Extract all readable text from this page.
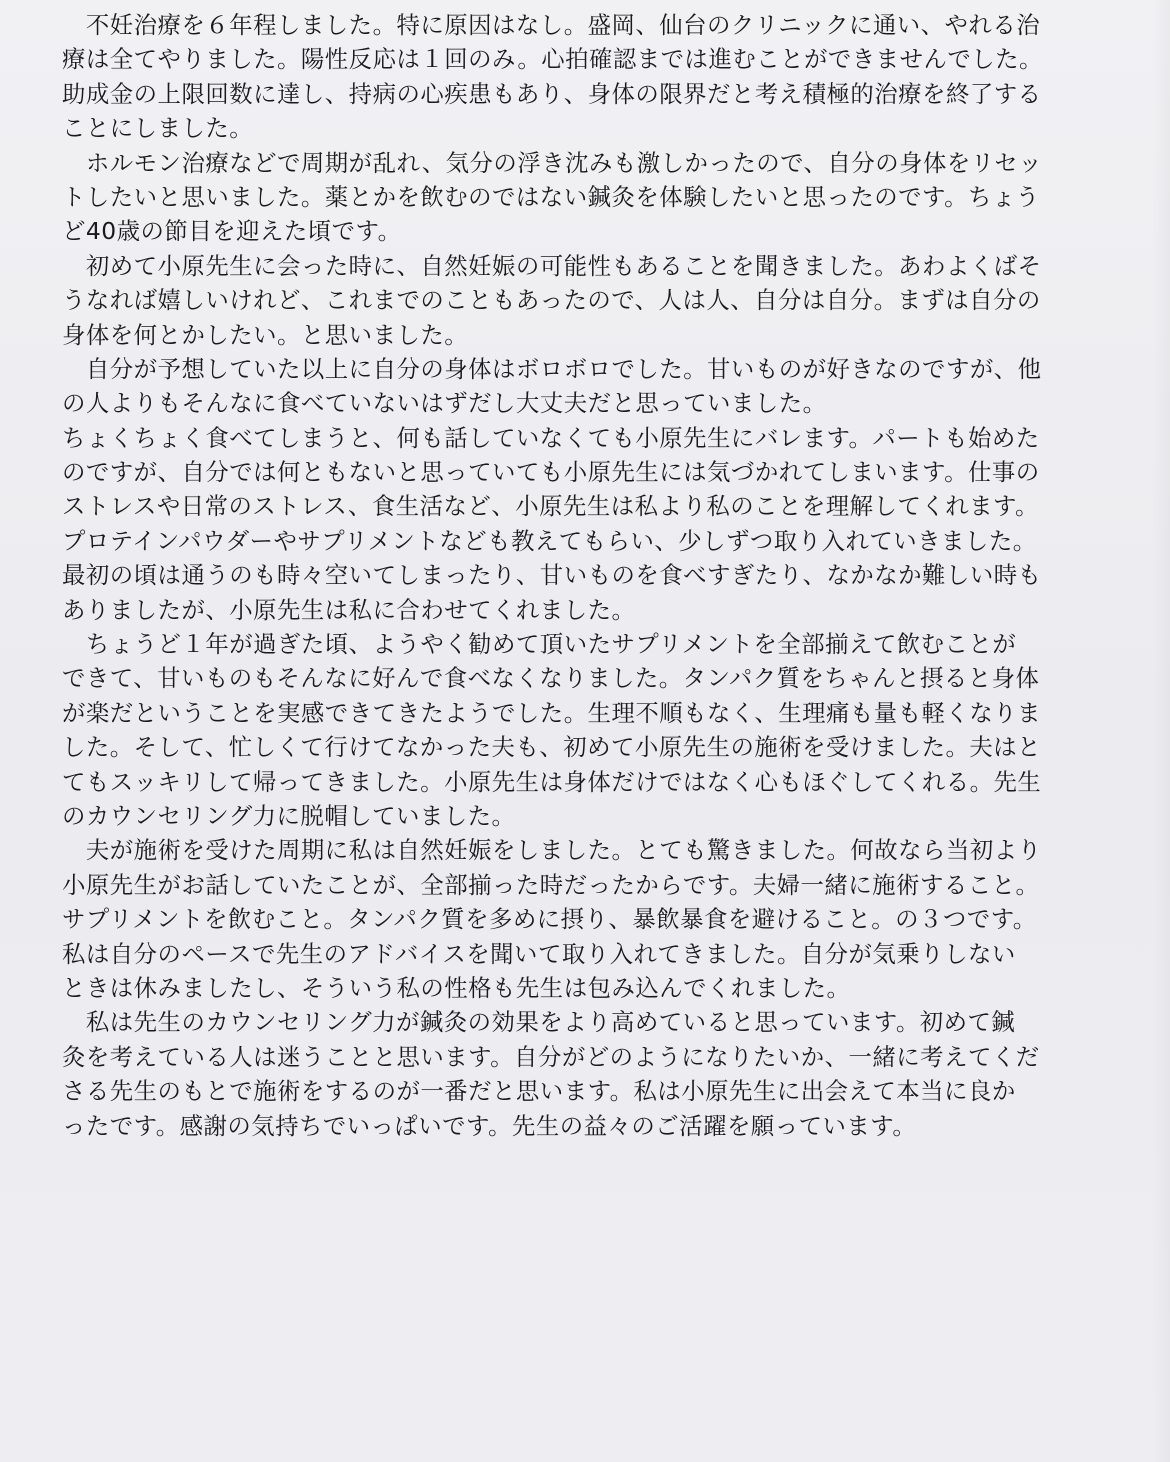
　不妊治療を６年程しました。特に原因はなし。盛岡、仙台のクリニックに通い、やれる治
療は全てやりました。陽性反応は１回のみ。心拍確認までは進むことができませんでした。
助成金の上限回数に達し、持病の心疾患もあり、身体の限界だと考え積極的治療を終了する
ことにしました。
　ホルモン治療などで周期が乱れ、気分の浮き沈みも激しかったので、自分の身体をリセッ
トしたいと思いました。薬とかを飲むのではない鍼灸を体験したいと思ったのです。ちょう
ど40歳の節目を迎えた頃です。
　初めて小原先生に会った時に、自然妊娠の可能性もあることを聞きました。あわよくばそ
うなれば嬉しいけれど、これまでのこともあったので、人は人、自分は自分。まずは自分の
身体を何とかしたい。と思いました。
　自分が予想していた以上に自分の身体はボロボロでした。甘いものが好きなのですが、他
の人よりもそんなに食べていないはずだし大丈夫だと思っていました。
ちょくちょく食べてしまうと、何も話していなくても小原先生にバレます。パートも始めた
のですが、自分では何ともないと思っていても小原先生には気づかれてしまいます。仕事の
ストレスや日常のストレス、食生活など、小原先生は私より私のことを理解してくれます。
プロテインパウダーやサプリメントなども教えてもらい、少しずつ取り入れていきました。
最初の頃は通うのも時々空いてしまったり、甘いものを食べすぎたり、なかなか難しい時も
ありましたが、小原先生は私に合わせてくれました。
　ちょうど１年が過ぎた頃、ようやく勧めて頂いたサプリメントを全部揃えて飲むことが
できて、甘いものもそんなに好んで食べなくなりました。タンパク質をちゃんと摂ると身体
が楽だということを実感できてきたようでした。生理不順もなく、生理痛も量も軽くなりま
した。そして、忙しくて行けてなかった夫も、初めて小原先生の施術を受けました。夫はと
てもスッキリして帰ってきました。小原先生は身体だけではなく心もほぐしてくれる。先生
のカウンセリング力に脱帽していました。
　夫が施術を受けた周期に私は自然妊娠をしました。とても驚きました。何故なら当初より
小原先生がお話していたことが、全部揃った時だったからです。夫婦一緒に施術すること。
サプリメントを飲むこと。タンパク質を多めに摂り、暴飲暴食を避けること。の３つです。
私は自分のペースで先生のアドバイスを聞いて取り入れてきました。自分が気乗りしない
ときは休みましたし、そういう私の性格も先生は包み込んでくれました。
　私は先生のカウンセリング力が鍼灸の効果をより高めていると思っています。初めて鍼
灸を考えている人は迷うことと思います。自分がどのようになりたいか、一緒に考えてくだ
さる先生のもとで施術をするのが一番だと思います。私は小原先生に出会えて本当に良か
ったです。感謝の気持ちでいっぱいです。先生の益々のご活躍を願っています。
